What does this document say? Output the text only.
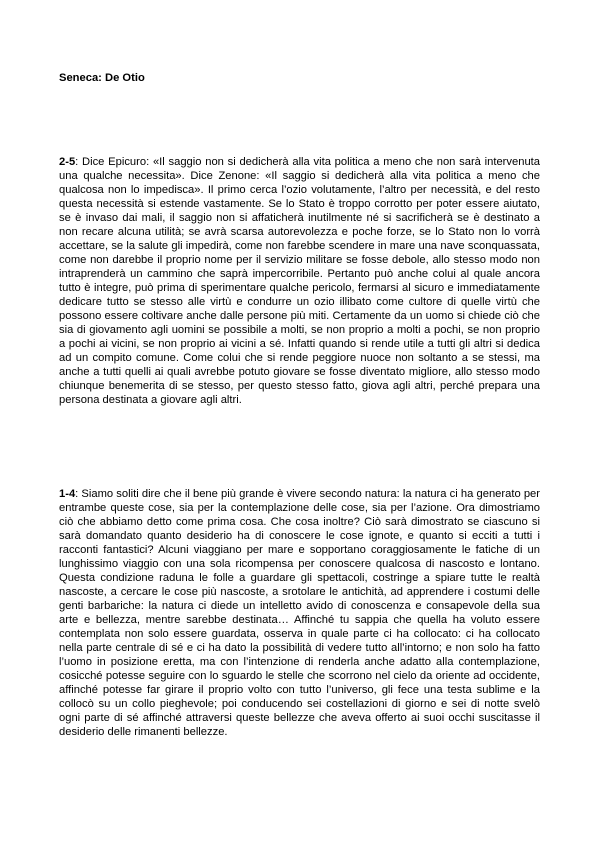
Seneca: De Otio

2-5: Dice Epicuro: «Il saggio non si dedicherà alla vita politica a meno che non sarà intervenuta una qualche necessita». Dice Zenone: «Il saggio si dedicherà alla vita politica a meno che qualcosa non lo impedisca». Il primo cerca l’ozio volutamente, l’altro per necessità, e del resto questa necessità si estende vastamente. Se lo Stato è troppo corrotto per poter essere aiutato, se è invaso dai mali, il saggio non si affaticherà inutilmente né si sacrificherà se è destinato a non recare alcuna utilità; se avrà scarsa autorevolezza e poche forze, se lo Stato non lo vorrà accettare, se la salute gli impedirà, come non farebbe scendere in mare una nave sconquassata, come non darebbe il proprio nome per il servizio militare se fosse debole, allo stesso modo non intraprenderà un cammino che saprà impercorribile. Pertanto può anche colui al quale ancora tutto è integre, può prima di sperimentare qualche pericolo, fermarsi al sicuro e immediatamente dedicare tutto se stesso alle virtù e condurre un ozio illibato come cultore di quelle virtù che possono essere coltivare anche dalle persone più miti. Certamente da un uomo si chiede ciò che sia di giovamento agli uomini se possibile a molti, se non proprio a molti a pochi, se non proprio a pochi ai vicini, se non proprio ai vicini a sé. Infatti quando si rende utile a tutti gli altri si dedica ad un compito comune. Come colui che si rende peggiore nuoce non soltanto a se stessi, ma anche a tutti quelli ai quali avrebbe potuto giovare se fosse diventato migliore, allo stesso modo chiunque benemerita di se stesso, per questo stesso fatto, giova agli altri, perché prepara una persona destinata a giovare agli altri.

1-4: Siamo soliti dire che il bene più grande è vivere secondo natura: la natura ci ha generato per entrambe queste cose, sia per la contemplazione delle cose, sia per l’azione. Ora dimostriamo ciò che abbiamo detto come prima cosa. Che cosa inoltre? Ciò sarà dimostrato se ciascuno si sarà domandato quanto desiderio ha di conoscere le cose ignote, e quanto si ecciti a tutti i racconti fantastici? Alcuni viaggiano per mare e sopportano coraggiosamente le fatiche di un lunghissimo viaggio con una sola ricompensa per conoscere qualcosa di nascosto e lontano. Questa condizione raduna le folle a guardare gli spettacoli, costringe a spiare tutte le realtà nascoste, a cercare le cose più nascoste, a srotolare le antichità, ad apprendere i costumi delle genti barbariche: la natura ci diede un intelletto avido di conoscenza e consapevole della sua arte e bellezza, mentre sarebbe destinata… Affinché tu sappia che quella ha voluto essere contemplata non solo essere guardata, osserva in quale parte ci ha collocato: ci ha collocato nella parte centrale di sé e ci ha dato la possibilità di vedere tutto all’intorno; e non solo ha fatto l’uomo in posizione eretta, ma con l’intenzione di renderla anche adatto alla contemplazione, cosicché potesse seguire con lo sguardo le stelle che scorrono nel cielo da oriente ad occidente, affinché potesse far girare il proprio volto con tutto l’universo, gli fece una testa sublime e la collocò su un collo pieghevole; poi conducendo sei costellazioni di giorno e sei di notte svelò ogni parte di sé affinché attraversi queste bellezze che aveva offerto ai suoi occhi suscitasse il desiderio delle rimanenti bellezze.
